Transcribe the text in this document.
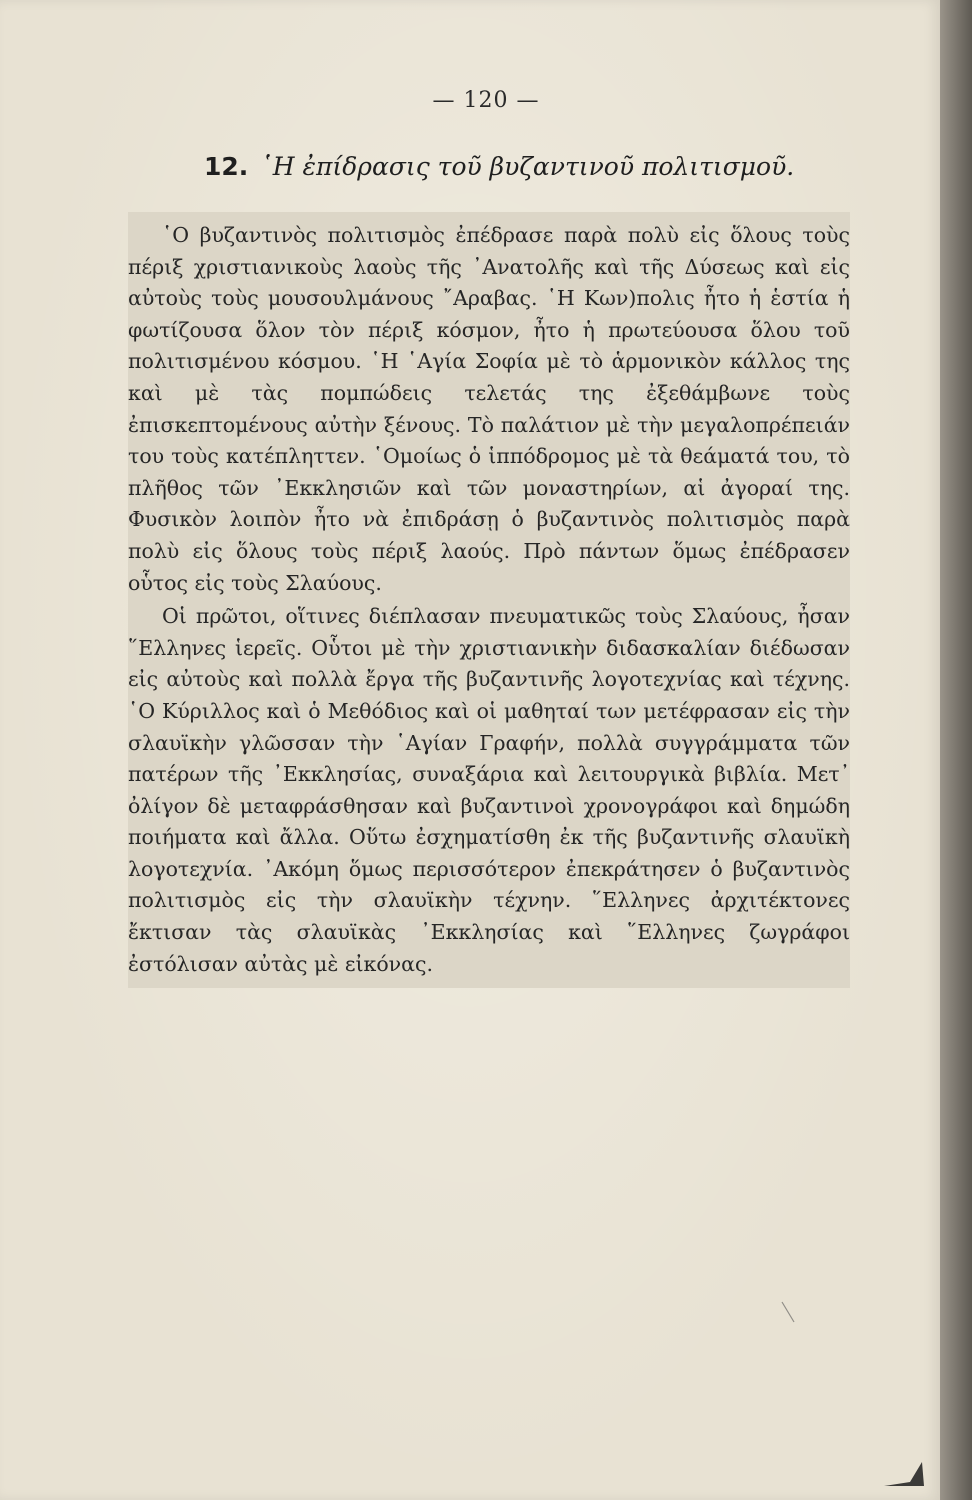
— 120 —
12. ῾Η ἐπίδρασις τοῦ βυζαντινοῦ πολιτισμοῦ.

῾Ο βυζαντινὸς πολιτισμὸς ἐπέδρασε παρὰ πολὺ εἰς ὅλους τοὺς πέριξ χριστιανικοὺς λαοὺς τῆς ᾿Ανατολῆς καὶ τῆς Δύσεως καὶ εἰς αὐτοὺς τοὺς μουσουλμάνους ῎Αραβας. ῾Η Κων)πολις ἦτο ἡ ἑστία ἡ φωτίζουσα ὅλον τὸν πέριξ κόσμον, ἦτο ἡ πρωτεύουσα ὅλου τοῦ πολιτισμένου κόσμου. ῾Η ῾Αγία Σοφία μὲ τὸ ἁρμονικὸν κάλλος της καὶ μὲ τὰς πομπώδεις τελετάς της ἐξεθάμβωνε τοὺς ἐπισκεπτομένους αὐτὴν ξένους. Τὸ παλάτιον μὲ τὴν μεγαλοπρέπειάν του τοὺς κατέπληττεν. ῾Ομοίως ὁ ἱππόδρομος μὲ τὰ θεάματά του, τὸ πλῆθος τῶν ᾿Εκκλησιῶν καὶ τῶν μοναστηρίων, αἱ ἀγοραί της. Φυσικὸν λοιπὸν ἦτο νὰ ἐπιδράσῃ ὁ βυζαντινὸς πολιτισμὸς παρὰ πολὺ εἰς ὅλους τοὺς πέριξ λαούς. Πρὸ πάντων ὅμως ἐπέδρασεν οὗτος εἰς τοὺς Σλαύους.

Οἱ πρῶτοι, οἵτινες διέπλασαν πνευματικῶς τοὺς Σλαύους, ἦσαν ῞Ελληνες ἱερεῖς. Οὗτοι μὲ τὴν χριστιανικὴν διδασκαλίαν διέδωσαν εἰς αὐτοὺς καὶ πολλὰ ἔργα τῆς βυζαντινῆς λογοτεχνίας καὶ τέχνης. ῾Ο Κύριλλος καὶ ὁ Μεθόδιος καὶ οἱ μαθηταί των μετέφρασαν εἰς τὴν σλαυϊκὴν γλῶσσαν τὴν ῾Αγίαν Γραφήν, πολλὰ συγγράμματα τῶν πατέρων τῆς ᾿Εκκλησίας, συναξάρια καὶ λειτουργικὰ βιβλία. Μετ᾿ ὀλίγον δὲ μεταφράσθησαν καὶ βυζαντινοὶ χρονογράφοι καὶ δημώδη ποιήματα καὶ ἄλλα. Οὕτω ἐσχηματίσθη ἐκ τῆς βυζαντινῆς σλαυϊκὴ λογοτεχνία. ᾿Ακόμη ὅμως περισσότερον ἐπεκράτησεν ὁ βυζαντινὸς πολιτισμὸς εἰς τὴν σλαυϊκὴν τέχνην. ῞Ελληνες ἀρχιτέκτονες ἔκτισαν τὰς σλαυϊκὰς ᾿Εκκλησίας καὶ ῞Ελληνες ζωγράφοι ἐστόλισαν αὐτὰς μὲ εἰκόνας.
